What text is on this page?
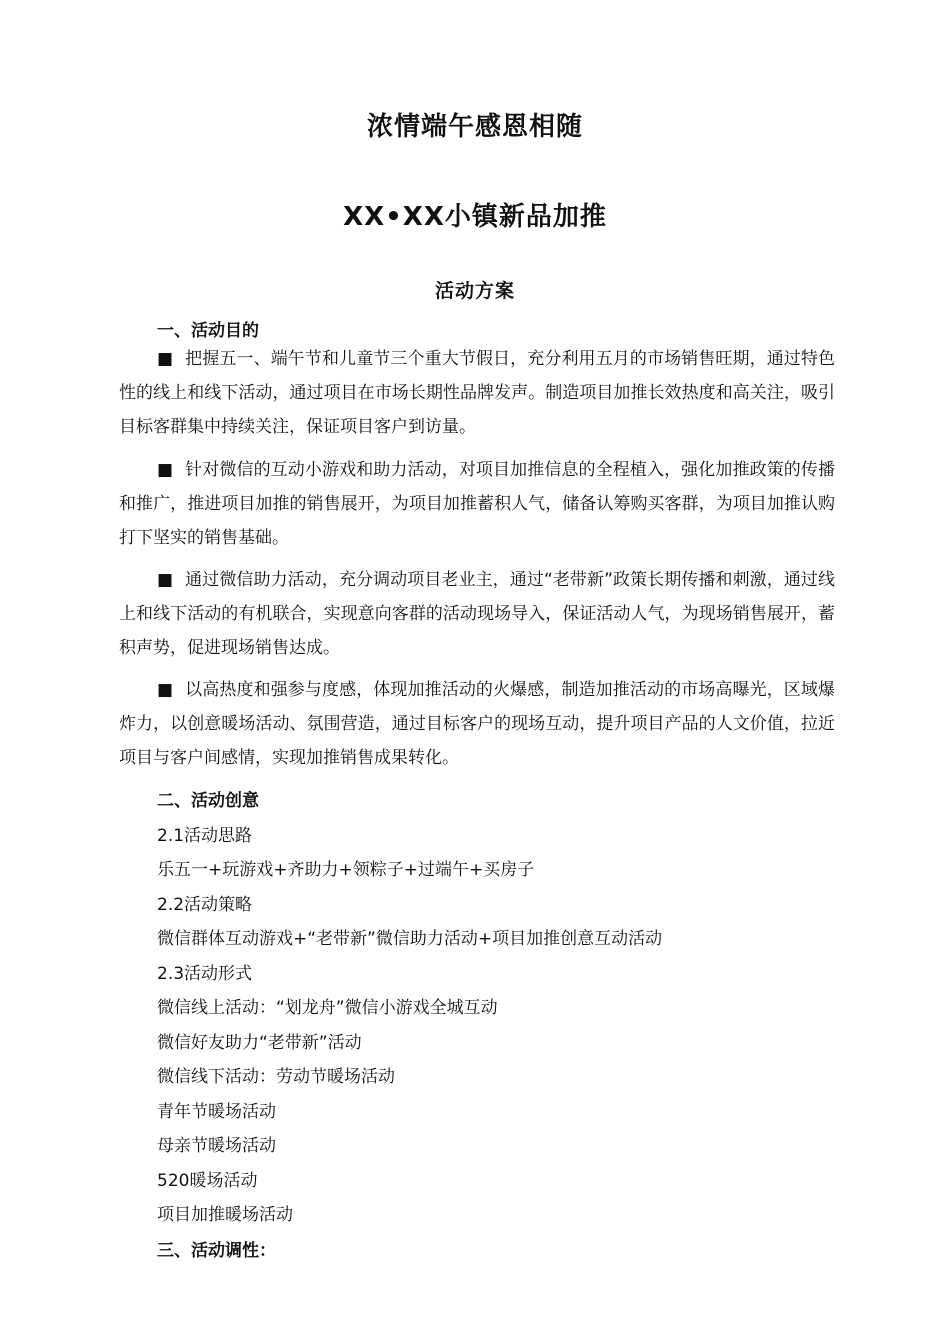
浓情端午感恩相随
XX•XX小镇新品加推
活动方案
一、活动目的

■ 把握五一、端午节和儿童节三个重大节假日，充分利用五月的市场销售旺期，通过特色性的线上和线下活动，通过项目在市场长期性品牌发声。制造项目加推长效热度和高关注，吸引目标客群集中持续关注，保证项目客户到访量。

■ 针对微信的互动小游戏和助力活动，对项目加推信息的全程植入，强化加推政策的传播和推广，推进项目加推的销售展开，为项目加推蓄积人气，储备认筹购买客群，为项目加推认购打下坚实的销售基础。

■ 通过微信助力活动，充分调动项目老业主，通过“老带新”政策长期传播和刺激，通过线上和线下活动的有机联合，实现意向客群的活动现场导入，保证活动人气，为现场销售展开，蓄积声势，促进现场销售达成。

■ 以高热度和强参与度感，体现加推活动的火爆感，制造加推活动的市场高曝光，区域爆炸力，以创意暖场活动、氛围营造，通过目标客户的现场互动，提升项目产品的人文价值，拉近项目与客户间感情，实现加推销售成果转化。

二、活动创意
2.1活动思路
乐五一+玩游戏+齐助力+领粽子+过端午+买房子
2.2活动策略
微信群体互动游戏+“老带新”微信助力活动+项目加推创意互动活动
2.3活动形式
微信线上活动：“划龙舟”微信小游戏全城互动
微信好友助力“老带新”活动
微信线下活动：劳动节暖场活动
青年节暖场活动
母亲节暖场活动
520暖场活动
项目加推暖场活动
三、活动调性：
